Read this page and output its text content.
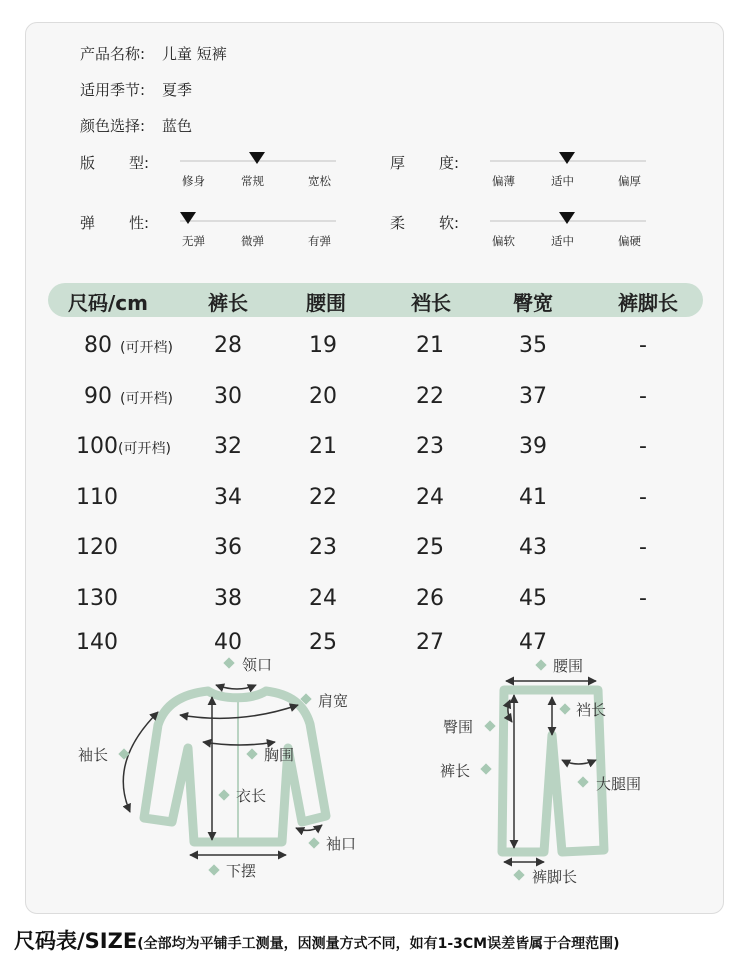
产品名称: 儿童 短裤
适用季节: 夏季
颜色选择: 蓝色
版 型:
修身	常规	宽松
厚 度:
偏薄	适中	偏厚
弹 性:
无弹	微弹	有弹
柔 软:
偏软	适中	偏硬
尺码/cm	裤长	腰围	裆长	臀宽	裤脚长
80 (可开档) 28	19	21	35	-
90 (可开档) 30	20	22	37	-
100(可开档) 32	21	23	39	-
110	34	22	24	41	-
120	36	23	25	43	-
130	38	24	26	45	-
140	40	25	27	47
领口
肩宽
袖长	胸围
衣长
袖口
下摆
腰围
臀围
裆长
裤长
大腿围
裤脚长
尺码表/SIZE(全部均为平铺手工测量，因测量方式不同，如有1-3CM误差皆属于合理范围)
